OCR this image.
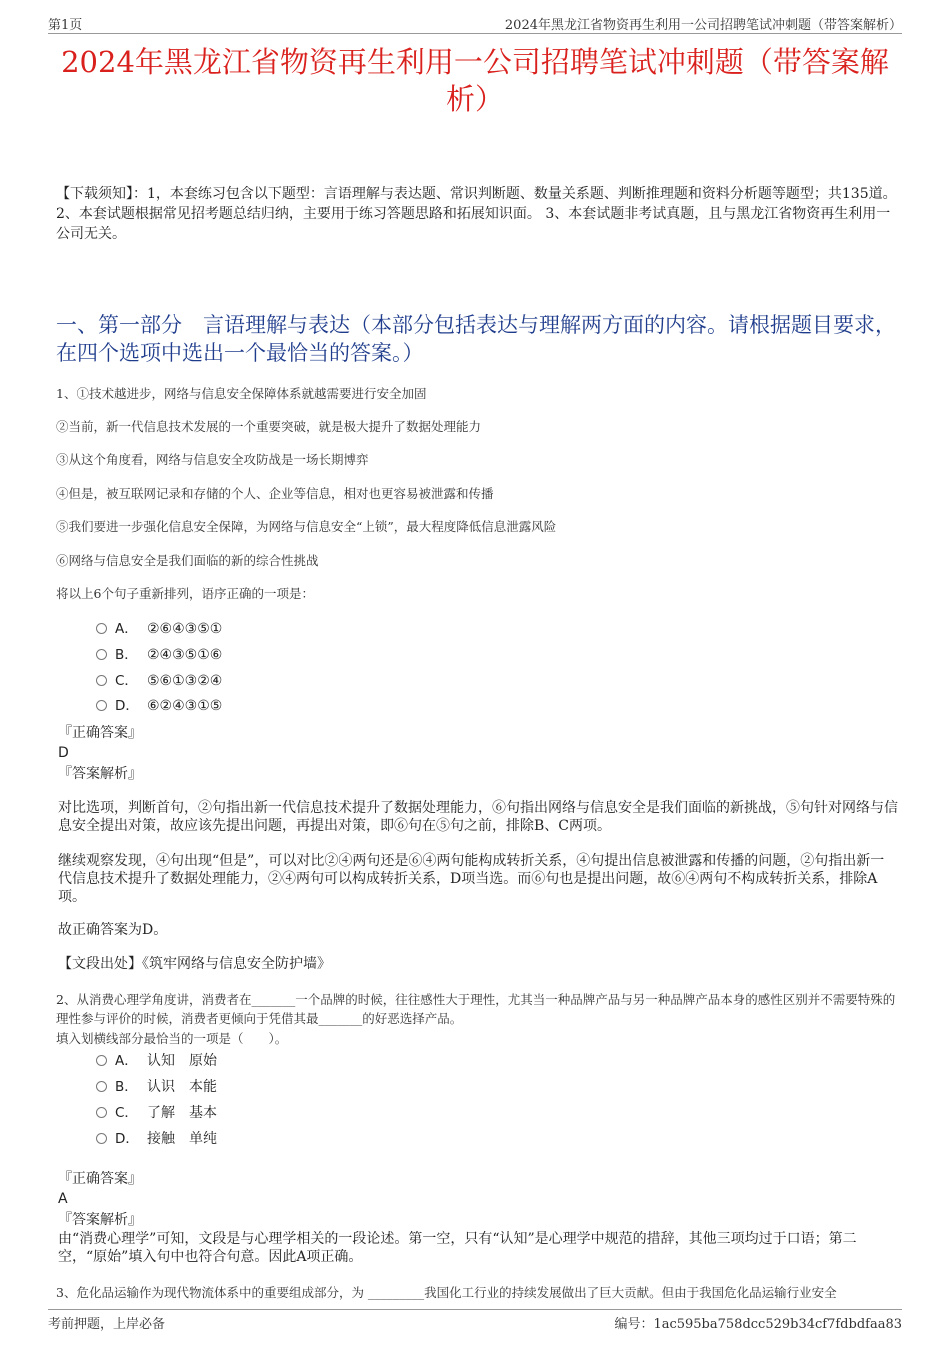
第1页	2024年黑龙江省物资再生利用一公司招聘笔试冲刺题（带答案解析）
2024年黑龙江省物资再生利用一公司招聘笔试冲刺题（带答案解析）
【下载须知】：1，本套练习包含以下题型：言语理解与表达题、常识判断题、数量关系题、判断推理题和资料分析题等题型；共135道。 2、本套试题根据常见招考题总结归纳，主要用于练习答题思路和拓展知识面。 3、本套试题非考试真题，且与黑龙江省物资再生利用一公司无关。
一、第一部分　言语理解与表达（本部分包括表达与理解两方面的内容。请根据题目要求，在四个选项中选出一个最恰当的答案。）
1、①技术越进步，网络与信息安全保障体系就越需要进行安全加固
②当前，新一代信息技术发展的一个重要突破，就是极大提升了数据处理能力
③从这个角度看，网络与信息安全攻防战是一场长期博弈
④但是，被互联网记录和存储的个人、企业等信息，相对也更容易被泄露和传播
⑤我们要进一步强化信息安全保障，为网络与信息安全“上锁”，最大程度降低信息泄露风险
⑥网络与信息安全是我们面临的新的综合性挑战
将以上6个句子重新排列，语序正确的一项是：
A． ②⑥④③⑤①
B． ②④③⑤①⑥
C． ⑤⑥①③②④
D． ⑥②④③①⑤
『正确答案』
D
『答案解析』
对比选项，判断首句，②句指出新一代信息技术提升了数据处理能力，⑥句指出网络与信息安全是我们面临的新挑战，⑤句针对网络与信息安全提出对策，故应该先提出问题，再提出对策，即⑥句在⑤句之前，排除B、C两项。
继续观察发现，④句出现“但是”，可以对比②④两句还是⑥④两句能构成转折关系，④句提出信息被泄露和传播的问题，②句指出新一代信息技术提升了数据处理能力，②④两句可以构成转折关系，D项当选。而⑥句也是提出问题，故⑥④两句不构成转折关系，排除A项。
故正确答案为D。
【文段出处】《筑牢网络与信息安全防护墙》
2、从消费心理学角度讲，消费者在_______一个品牌的时候，往往感性大于理性，尤其当一种品牌产品与另一种品牌产品本身的感性区别并不需要特殊的理性参与评价的时候，消费者更倾向于凭借其最_______的好恶选择产品。
填入划横线部分最恰当的一项是（　　）。
A． 认知　原始
B． 认识　本能
C． 了解　基本
D． 接触　单纯
『正确答案』
A
『答案解析』
由“消费心理学”可知，文段是与心理学相关的一段论述。第一空，只有“认知”是心理学中规范的措辞，其他三项均过于口语；第二空，“原始”填入句中也符合句意。因此A项正确。
3、危化品运输作为现代物流体系中的重要组成部分，为 _________我国化工行业的持续发展做出了巨大贡献。但由于我国危化品运输行业安全
考前押题，上岸必备	编号：1ac595ba758dcc529b34cf7fdbdfaa83
